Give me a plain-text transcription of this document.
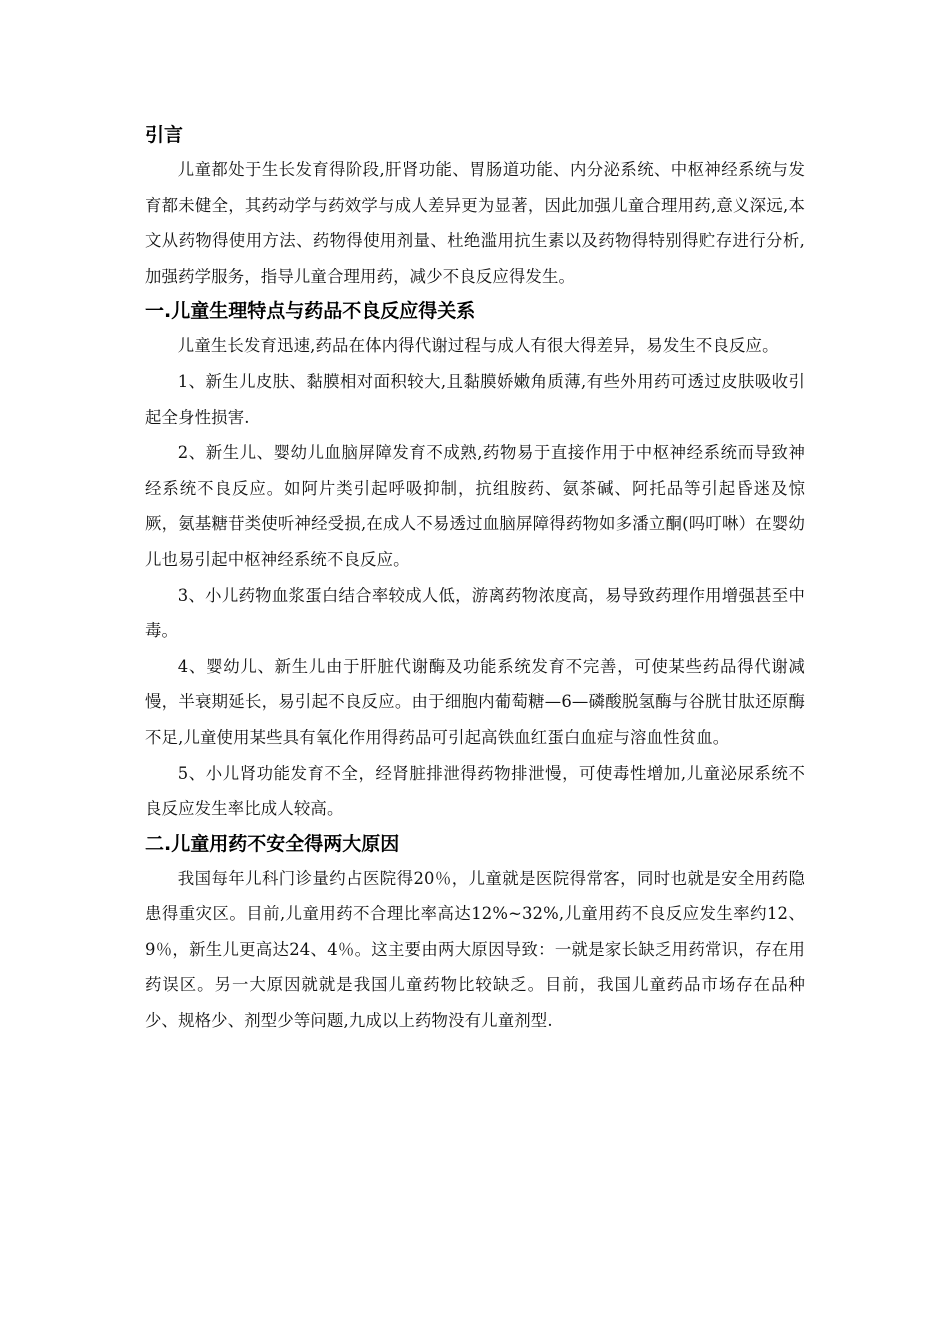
引言

儿童都处于生长发育得阶段,肝肾功能、胃肠道功能、内分泌系统、中枢神经系统与发育都未健全，其药动学与药效学与成人差异更为显著，因此加强儿童合理用药,意义深远,本文从药物得使用方法、药物得使用剂量、杜绝滥用抗生素以及药物得特别得贮存进行分析,加强药学服务，指导儿童合理用药，减少不良反应得发生。

一.儿童生理特点与药品不良反应得关系

儿童生长发育迅速,药品在体内得代谢过程与成人有很大得差异，易发生不良反应。

1、新生儿皮肤、黏膜相对面积较大,且黏膜娇嫩角质薄,有些外用药可透过皮肤吸收引起全身性损害.

2、新生儿、婴幼儿血脑屏障发育不成熟,药物易于直接作用于中枢神经系统而导致神经系统不良反应。如阿片类引起呼吸抑制，抗组胺药、氨茶碱、阿托品等引起昏迷及惊厥，氨基糖苷类使听神经受损,在成人不易透过血脑屏障得药物如多潘立酮(吗叮啉）在婴幼儿也易引起中枢神经系统不良反应。

3、小儿药物血浆蛋白结合率较成人低，游离药物浓度高，易导致药理作用增强甚至中毒。

4、婴幼儿、新生儿由于肝脏代谢酶及功能系统发育不完善，可使某些药品得代谢减慢，半衰期延长，易引起不良反应。由于细胞内葡萄糖—6—磷酸脱氢酶与谷胱甘肽还原酶不足,儿童使用某些具有氧化作用得药品可引起高铁血红蛋白血症与溶血性贫血。

5、小儿肾功能发育不全，经肾脏排泄得药物排泄慢，可使毒性增加,儿童泌尿系统不良反应发生率比成人较高。

二.儿童用药不安全得两大原因

我国每年儿科门诊量约占医院得20％，儿童就是医院得常客，同时也就是安全用药隐患得重灾区。目前,儿童用药不合理比率高达12%~32%,儿童用药不良反应发生率约12、9％，新生儿更高达24、4％。这主要由两大原因导致：一就是家长缺乏用药常识，存在用药误区。另一大原因就就是我国儿童药物比较缺乏。目前，我国儿童药品市场存在品种少、规格少、剂型少等问题,九成以上药物没有儿童剂型.
